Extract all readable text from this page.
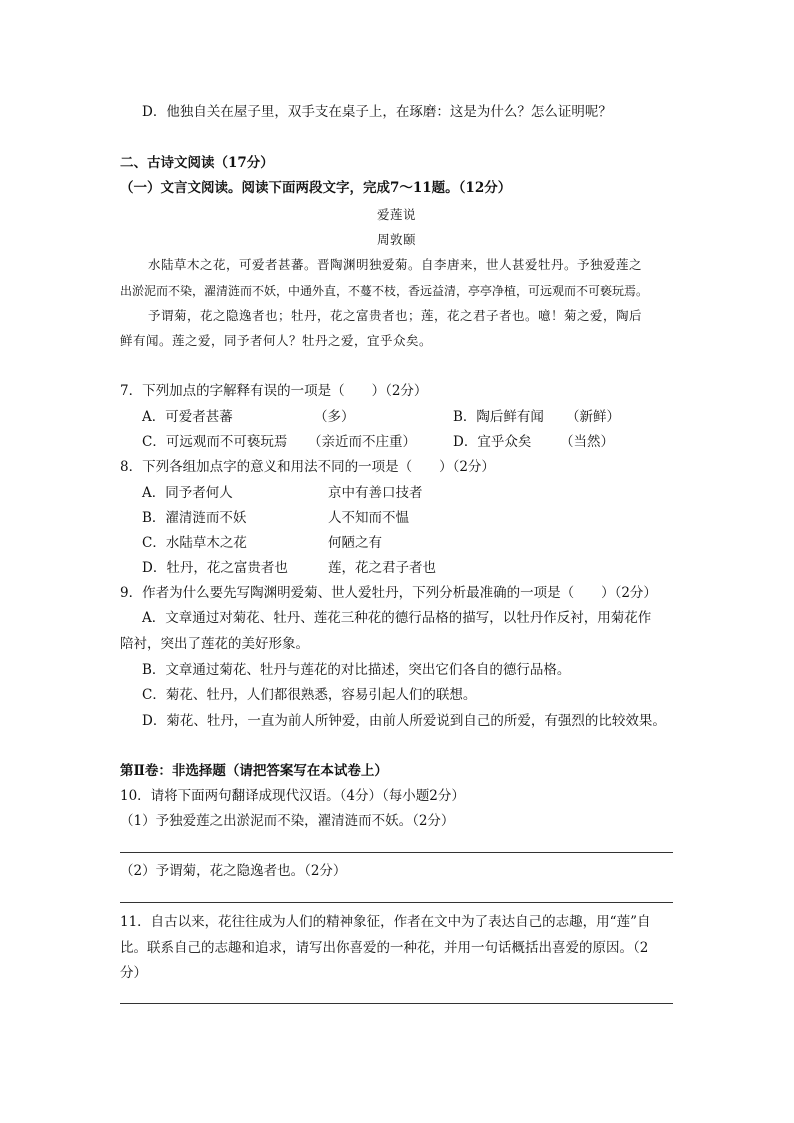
D．他独自关在屋子里，双手支在桌子上，在琢磨：这是为什么？怎么证明呢？
二、古诗文阅读（17分）
（一）文言文阅读。阅读下面两段文字，完成7～11题。（12分）
爱莲说
周敦颐
水陆草木之花，可爱者甚蕃。晋陶渊明独爱菊。自李唐来，世人甚爱牡丹。予独爱莲之
出淤泥而不染，濯清涟而不妖，中通外直，不蔓不枝，香远益清，亭亭净植，可远观而不可亵玩焉。
予谓菊，花之隐逸者也；牡丹，花之富贵者也；莲，花之君子者也。噫！菊之爱，陶后
鲜有闻。莲之爱，同予者何人？牡丹之爱，宜乎众矣。
7．下列加点的字解释有误的一项是（　　）（2分）
A．可爱者甚蕃	（多）	B．陶后鲜有闻 （新鲜）
C．可远观而不可亵玩焉 （亲近而不庄重）	D．宜乎众矣 （当然）
8．下列各组加点字的意义和用法不同的一项是（　　）（2分）
A．同予者何人	京中有善口技者
B．濯清涟而不妖	人不知而不愠
C．水陆草木之花	何陋之有
D．牡丹，花之富贵者也	莲，花之君子者也
9．作者为什么要先写陶渊明爱菊、世人爱牡丹，下列分析最准确的一项是（　　）（2分）
A．文章通过对菊花、牡丹、莲花三种花的德行品格的描写，以牡丹作反衬，用菊花作
陪衬，突出了莲花的美好形象。
B．文章通过菊花、牡丹与莲花的对比描述，突出它们各自的德行品格。
C．菊花、牡丹，人们都很熟悉，容易引起人们的联想。
D．菊花、牡丹，一直为前人所钟爱，由前人所爱说到自己的所爱，有强烈的比较效果。
第Ⅱ卷：非选择题（请把答案写在本试卷上）
10．请将下面两句翻译成现代汉语。（4分）（每小题2分）
（1）予独爱莲之出淤泥而不染，濯清涟而不妖。（2分）
（2）予谓菊，花之隐逸者也。（2分）
11．自古以来，花往往成为人们的精神象征，作者在文中为了表达自己的志趣，用“莲”自
比。联系自己的志趣和追求，请写出你喜爱的一种花，并用一句话概括出喜爱的原因。（2
分）
